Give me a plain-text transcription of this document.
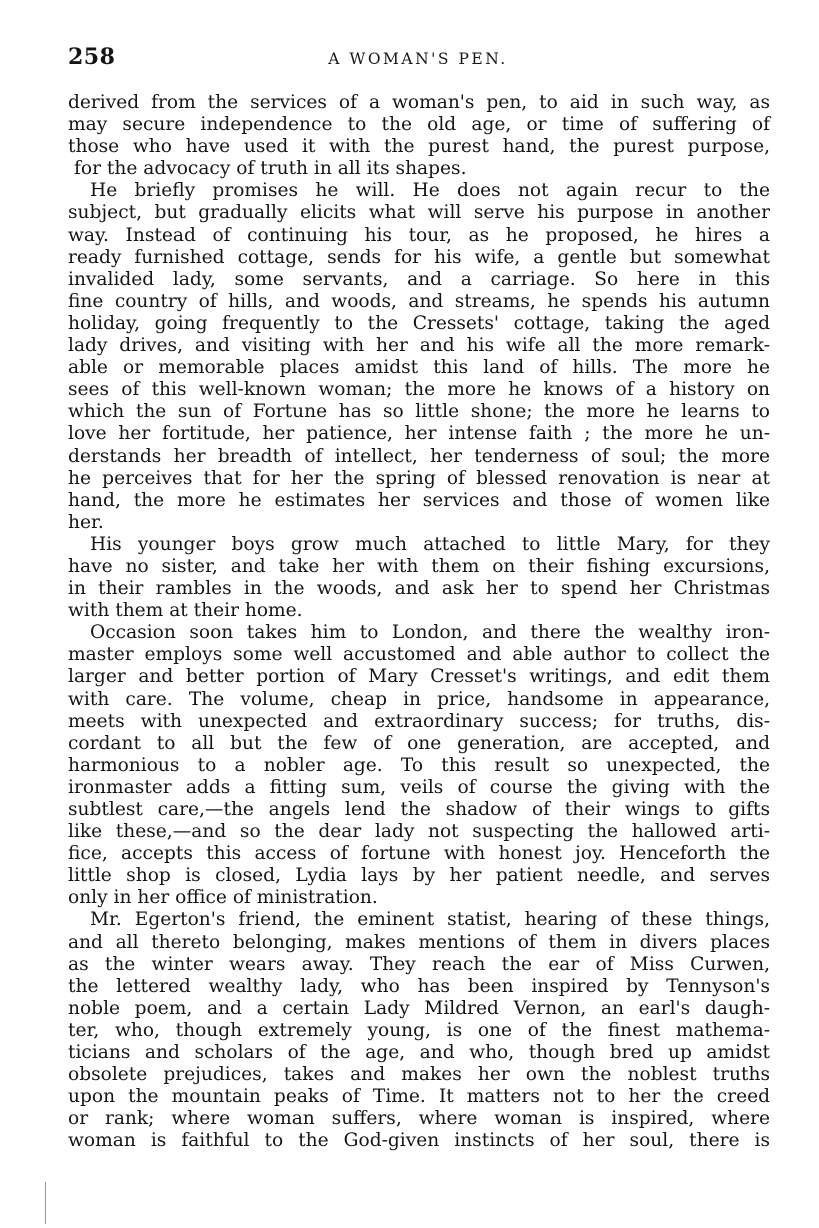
258	A WOMAN'S PEN.
derived from the services of a woman's pen, to aid in such way, as
may secure independence to the old age, or time of suffering of
those who have used it with the purest hand, the purest purpose,
for the advocacy of truth in all its shapes.
He briefly promises he will. He does not again recur to the
subject, but gradually elicits what will serve his purpose in another
way. Instead of continuing his tour, as he proposed, he hires a
ready furnished cottage, sends for his wife, a gentle but somewhat
invalided lady, some servants, and a carriage. So here in this
fine country of hills, and woods, and streams, he spends his autumn
holiday, going frequently to the Cressets' cottage, taking the aged
lady drives, and visiting with her and his wife all the more remark-
able or memorable places amidst this land of hills. The more he
sees of this well-known woman; the more he knows of a history on
which the sun of Fortune has so little shone; the more he learns to
love her fortitude, her patience, her intense faith ; the more he un-
derstands her breadth of intellect, her tenderness of soul; the more
he perceives that for her the spring of blessed renovation is near at
hand, the more he estimates her services and those of women like
her.
His younger boys grow much attached to little Mary, for they
have no sister, and take her with them on their fishing excursions,
in their rambles in the woods, and ask her to spend her Christmas
with them at their home.
Occasion soon takes him to London, and there the wealthy iron-
master employs some well accustomed and able author to collect the
larger and better portion of Mary Cresset's writings, and edit them
with care. The volume, cheap in price, handsome in appearance,
meets with unexpected and extraordinary success; for truths, dis-
cordant to all but the few of one generation, are accepted, and
harmonious to a nobler age. To this result so unexpected, the
ironmaster adds a fitting sum, veils of course the giving with the
subtlest care,—the angels lend the shadow of their wings to gifts
like these,—and so the dear lady not suspecting the hallowed arti-
fice, accepts this access of fortune with honest joy. Henceforth the
little shop is closed, Lydia lays by her patient needle, and serves
only in her office of ministration.
Mr. Egerton's friend, the eminent statist, hearing of these things,
and all thereto belonging, makes mentions of them in divers places
as the winter wears away. They reach the ear of Miss Curwen,
the lettered wealthy lady, who has been inspired by Tennyson's
noble poem, and a certain Lady Mildred Vernon, an earl's daugh-
ter, who, though extremely young, is one of the finest mathema-
ticians and scholars of the age, and who, though bred up amidst
obsolete prejudices, takes and makes her own the noblest truths
upon the mountain peaks of Time. It matters not to her the creed
or rank; where woman suffers, where woman is inspired, where
woman is faithful to the God-given instincts of her soul, there is
